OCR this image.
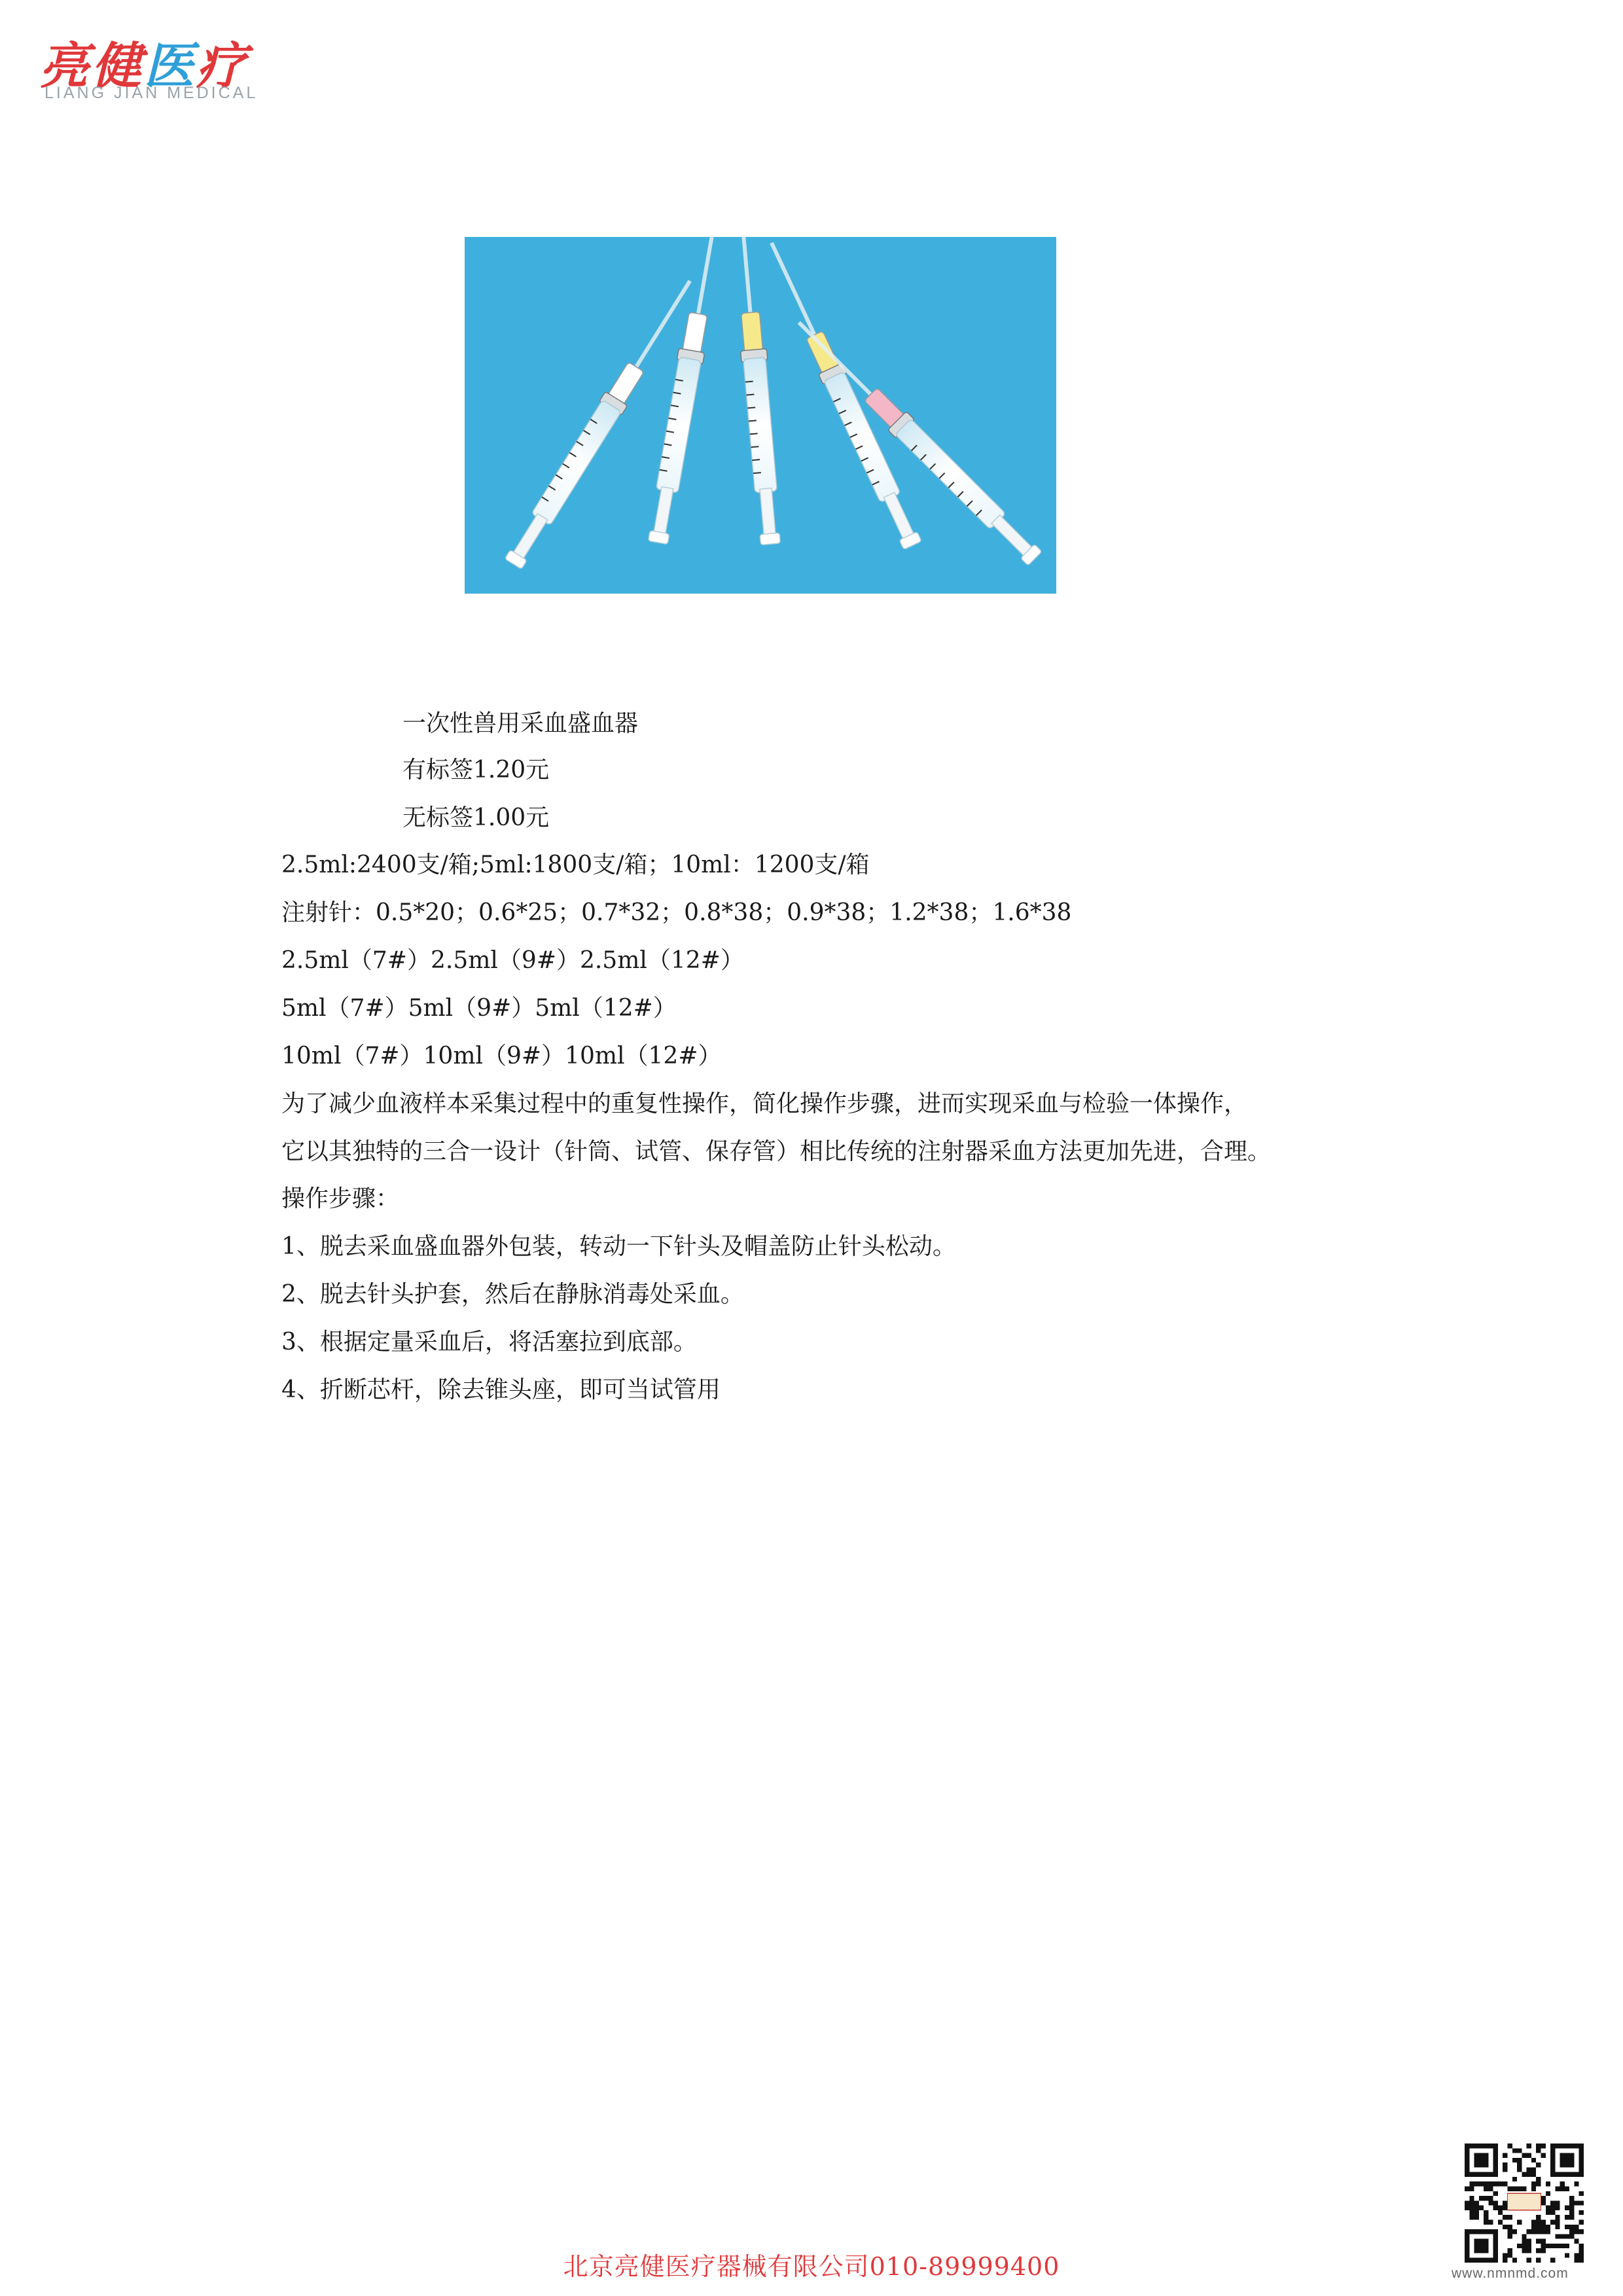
亮健医疗
LIANG JIAN MEDICAL
一次性兽用采血盛血器
有标签1.20元
无标签1.00元
2.5ml:2400支/箱;5ml:1800支/箱；10ml：1200支/箱
注射针：0.5*20；0.6*25；0.7*32；0.8*38；0.9*38；1.2*38；1.6*38
2.5ml（7#）2.5ml（9#）2.5ml（12#）
5ml（7#）5ml（9#）5ml（12#）
10ml（7#）10ml（9#）10ml（12#）
为了减少血液样本采集过程中的重复性操作，简化操作步骤，进而实现采血与检验一体操作，
它以其独特的三合一设计（针筒、试管、保存管）相比传统的注射器采血方法更加先进，合理。
操作步骤：
1、脱去采血盛血器外包装，转动一下针头及帽盖防止针头松动。
2、脱去针头护套，然后在静脉消毒处采血。
3、根据定量采血后，将活塞拉到底部。
4、折断芯杆，除去锥头座，即可当试管用
www.nmnmd.com
北京亮健医疗器械有限公司010-89999400
